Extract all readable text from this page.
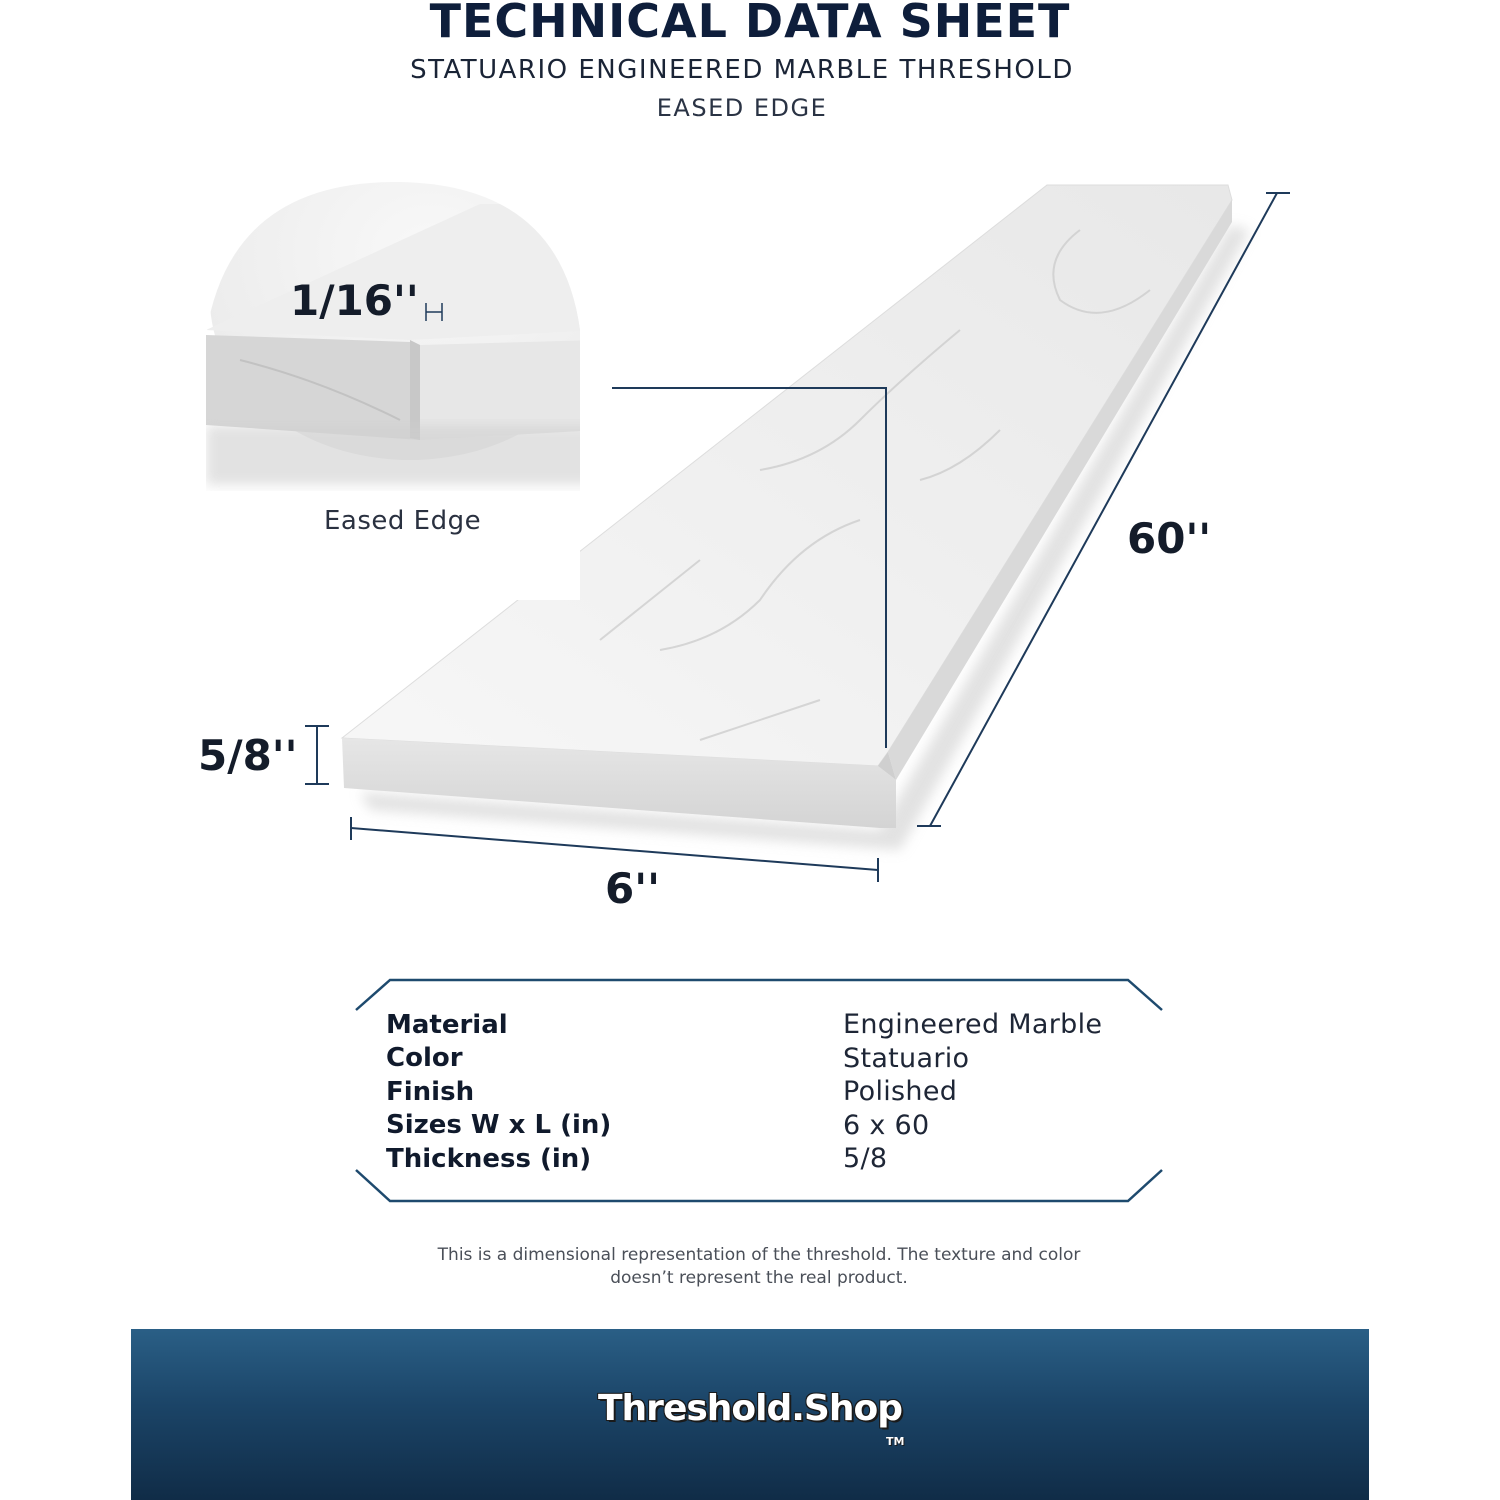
TECHNICAL DATA SHEET
STATUARIO ENGINEERED MARBLE THRESHOLD
EASED EDGE
1/16''
Eased Edge
5/8''
6''
60''
Material	Engineered Marble
Color	Statuario
Finish	Polished
Sizes W x L (in)	6 x 60
Thickness (in)	5/8
This is a dimensional representation of the threshold. The texture and color
doesn’t represent the real product.
Threshold.Shop
TM
